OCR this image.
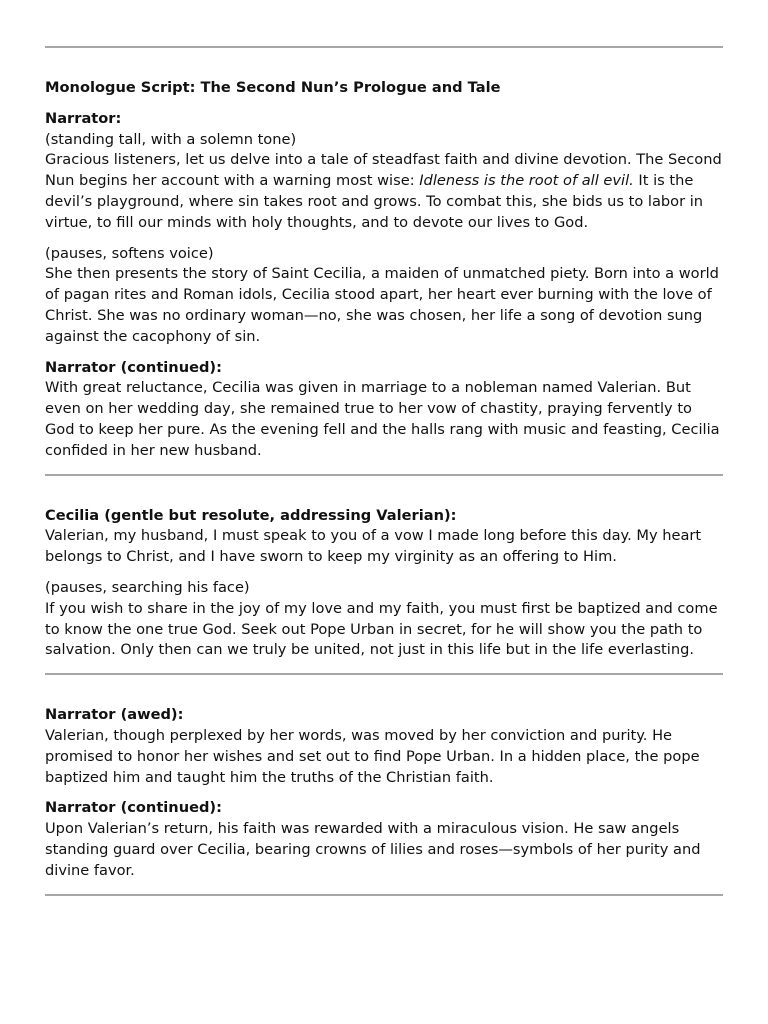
Monologue Script: The Second Nun’s Prologue and Tale

Narrator:
(standing tall, with a solemn tone)
Gracious listeners, let us delve into a tale of steadfast faith and divine devotion. The Second Nun begins her account with a warning most wise: Idleness is the root of all evil. It is the devil’s playground, where sin takes root and grows. To combat this, she bids us to labor in virtue, to fill our minds with holy thoughts, and to devote our lives to God.

(pauses, softens voice)
She then presents the story of Saint Cecilia, a maiden of unmatched piety. Born into a world of pagan rites and Roman idols, Cecilia stood apart, her heart ever burning with the love of Christ. She was no ordinary woman—no, she was chosen, her life a song of devotion sung against the cacophony of sin.

Narrator (continued):
With great reluctance, Cecilia was given in marriage to a nobleman named Valerian. But even on her wedding day, she remained true to her vow of chastity, praying fervently to God to keep her pure. As the evening fell and the halls rang with music and feasting, Cecilia confided in her new husband.

Cecilia (gentle but resolute, addressing Valerian):
Valerian, my husband, I must speak to you of a vow I made long before this day. My heart belongs to Christ, and I have sworn to keep my virginity as an offering to Him.

(pauses, searching his face)
If you wish to share in the joy of my love and my faith, you must first be baptized and come to know the one true God. Seek out Pope Urban in secret, for he will show you the path to salvation. Only then can we truly be united, not just in this life but in the life everlasting.

Narrator (awed):
Valerian, though perplexed by her words, was moved by her conviction and purity. He promised to honor her wishes and set out to find Pope Urban. In a hidden place, the pope baptized him and taught him the truths of the Christian faith.

Narrator (continued):
Upon Valerian’s return, his faith was rewarded with a miraculous vision. He saw angels standing guard over Cecilia, bearing crowns of lilies and roses—symbols of her purity and divine favor.
